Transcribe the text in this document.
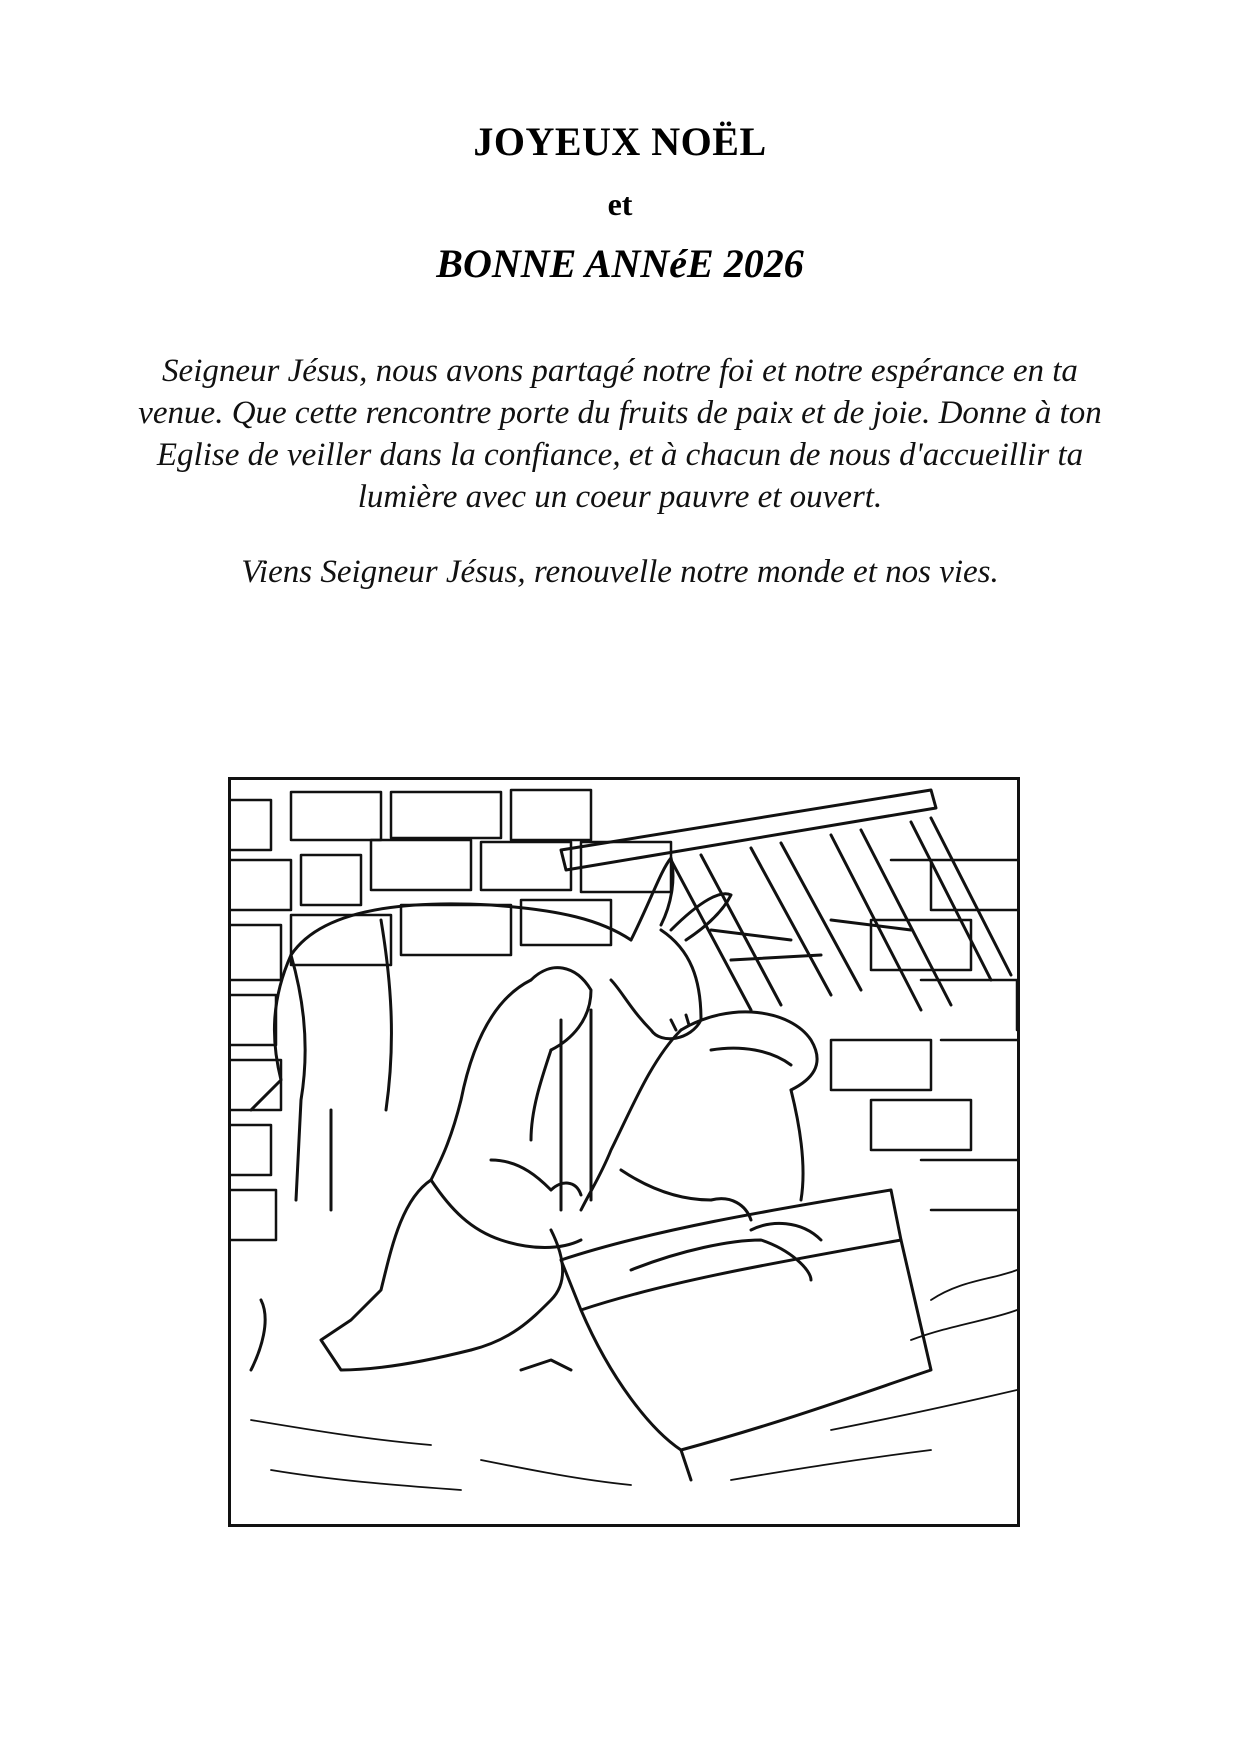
JOYEUX NOËL
et
BONNE ANNéE 2026

Seigneur Jésus, nous avons partagé notre foi et notre espérance en ta venue. Que cette rencontre porte du fruits de paix et de joie. Donne à ton Eglise de veiller dans la confiance, et à chacun de nous d'accueillir ta lumière avec un coeur pauvre et ouvert.

Viens Seigneur Jésus, renouvelle notre monde et nos vies.
